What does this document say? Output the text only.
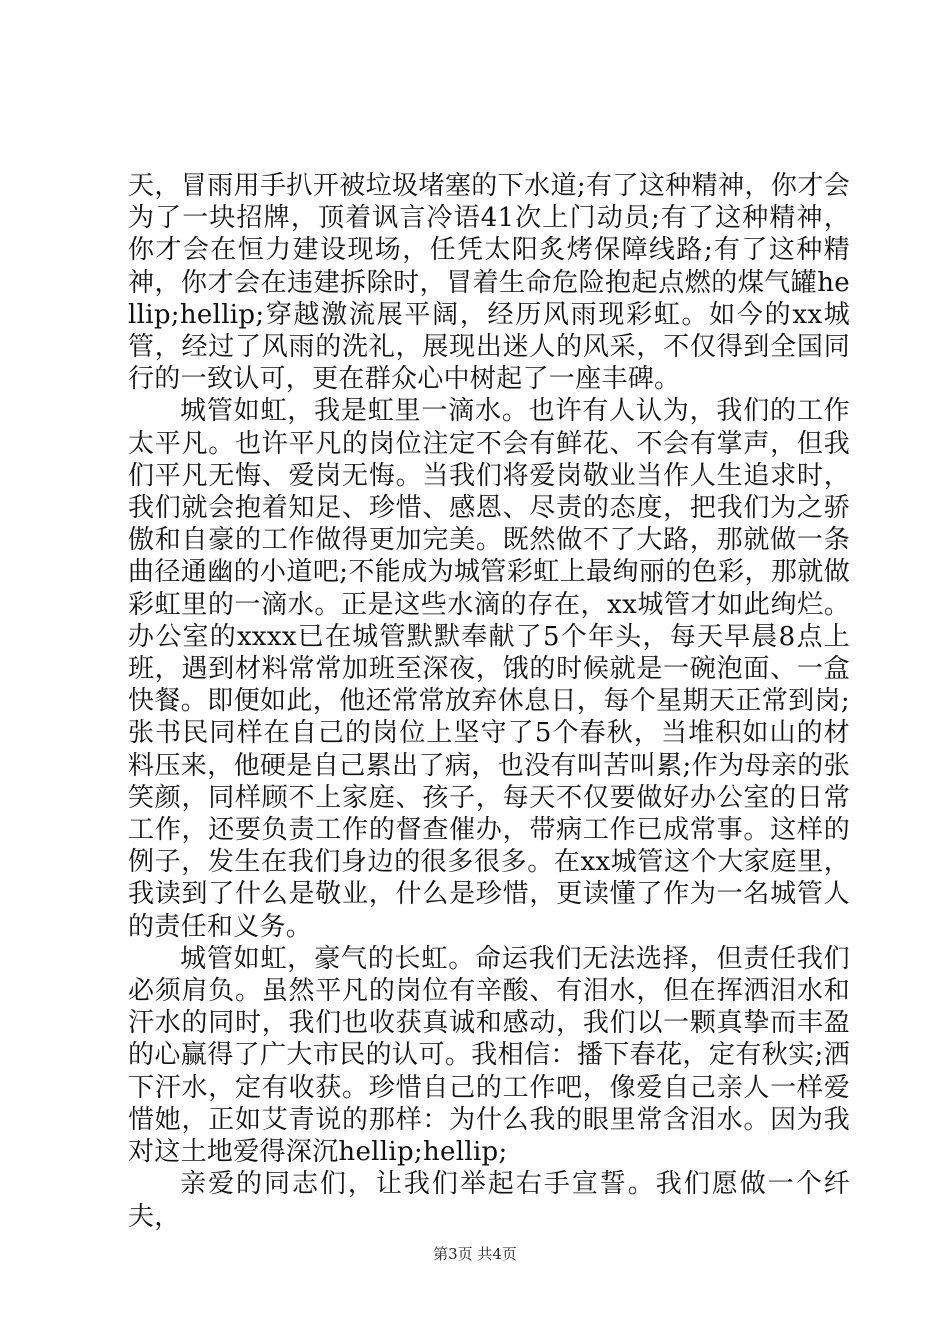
天，冒雨用手扒开被垃圾堵塞的下水道;有了这种精神，你才会为了一块招牌，顶着讽言冷语41次上门动员;有了这种精神，你才会在恒力建设现场，任凭太阳炙烤保障线路;有了这种精神，你才会在违建拆除时，冒着生命危险抱起点燃的煤气罐hellip;hellip;穿越激流展平阔，经历风雨现彩虹。如今的xx城管，经过了风雨的洗礼，展现出迷人的风采，不仅得到全国同行的一致认可，更在群众心中树起了一座丰碑。

城管如虹，我是虹里一滴水。也许有人认为，我们的工作太平凡。也许平凡的岗位注定不会有鲜花、不会有掌声，但我们平凡无悔、爱岗无悔。当我们将爱岗敬业当作人生追求时，我们就会抱着知足、珍惜、感恩、尽责的态度，把我们为之骄傲和自豪的工作做得更加完美。既然做不了大路，那就做一条曲径通幽的小道吧;不能成为城管彩虹上最绚丽的色彩，那就做彩虹里的一滴水。正是这些水滴的存在，xx城管才如此绚烂。办公室的xxxx已在城管默默奉献了5个年头，每天早晨8点上班，遇到材料常常加班至深夜，饿的时候就是一碗泡面、一盒快餐。即便如此，他还常常放弃休息日，每个星期天正常到岗;张书民同样在自己的岗位上坚守了5个春秋，当堆积如山的材料压来，他硬是自己累出了病，也没有叫苦叫累;作为母亲的张笑颜，同样顾不上家庭、孩子，每天不仅要做好办公室的日常工作，还要负责工作的督查催办，带病工作已成常事。这样的例子，发生在我们身边的很多很多。在xx城管这个大家庭里，我读到了什么是敬业，什么是珍惜，更读懂了作为一名城管人的责任和义务。

城管如虹，豪气的长虹。命运我们无法选择，但责任我们必须肩负。虽然平凡的岗位有辛酸、有泪水，但在挥洒泪水和汗水的同时，我们也收获真诚和感动，我们以一颗真挚而丰盈的心赢得了广大市民的认可。我相信：播下春花，定有秋实;洒下汗水，定有收获。珍惜自己的工作吧，像爱自己亲人一样爱惜她，正如艾青说的那样：为什么我的眼里常含泪水。因为我对这土地爱得深沉hellip;hellip;

亲爱的同志们，让我们举起右手宣誓。我们愿做一个纤夫，

第3页 共4页
